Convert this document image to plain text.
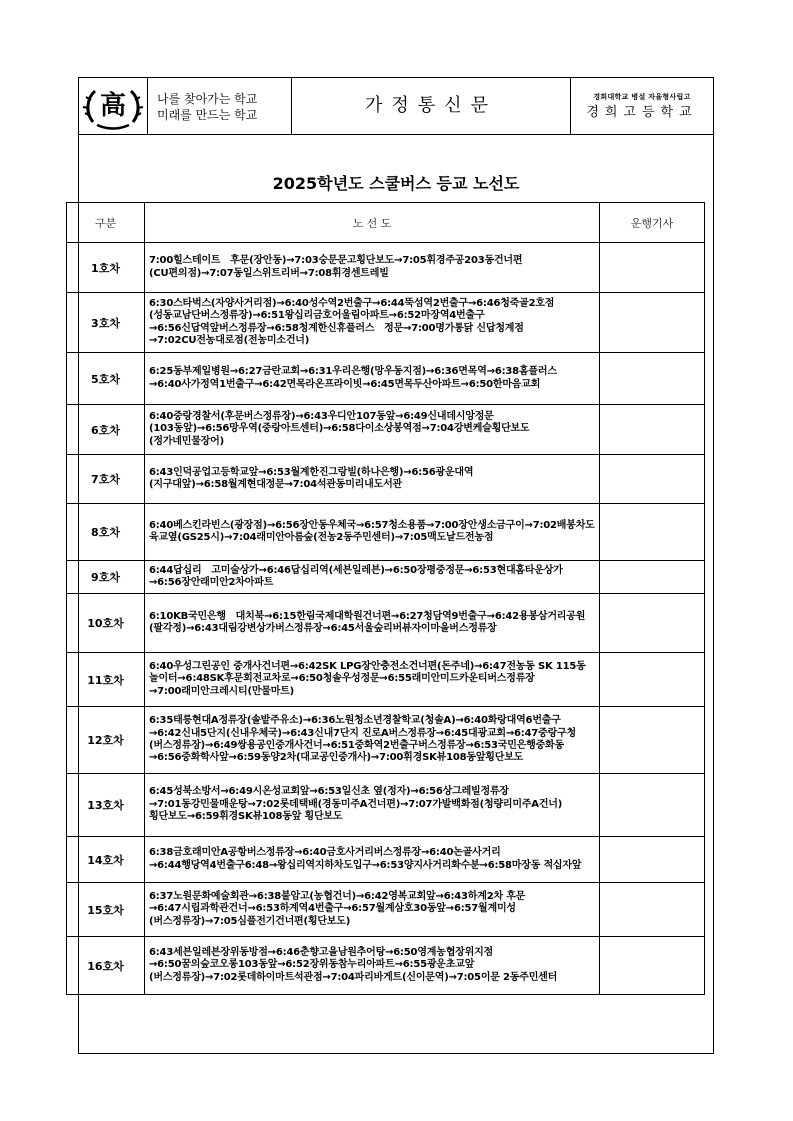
高	나를 찾아가는 학교
미래를 만드는 학교	가정통신문	경희대학교 병설 자율형사립고
경희고등학교
2025학년도 스쿨버스 등교 노선도
구분	노 선 도	운행기사
1호차	7:00힐스테이트　후문(장안동)→7:03숭문문고횡단보도→7:05휘경주공203동건너편(CU편의점)→7:07동일스위트리버→7:08휘경센트레빌	
3호차	6:30스타벅스(자양사거리점)→6:40성수역2번출구→6:44뚝섬역2번출구→6:46청죽골2호점(성동교남단버스정류장)→6:51왕십리금호어울림아파트→6:52마장역4번출구→6:56신답역앞버스정류장→6:58청계한신휴플러스　정문→7:00명가통닭 신답청계점→7:02CU전농대로점(전농미소건너)	
5호차	6:25동부제일병원→6:27금란교회→6:31우리은행(망우동지점)→6:36면목역→6:38홈플러스→6:40사가정역1번출구→6:42면목라온프라이빗→6:45면목두산아파트→6:50한마음교회	
6호차	6:40중랑경찰서(후문버스정류장)→6:43우디안107동앞→6:49신내데시앙정문(103동앞)→6:56망우역(중랑아트센터)→6:58다이소상봉역점→7:04강변케슬횡단보도(정가네민물장어)	
7호차	6:43인덕공업고등학교앞→6:53월계한진그랑빌(하나은행)→6:56광운대역(지구대앞)→6:58월계현대정문→7:04석관동미리내도서관	
8호차	6:40베스킨라빈스(광장점)→6:56장안동우체국→6:57청소용품→7:00장안생소금구이→7:02배봉차도 육교옆(GS25시)→7:04래미안아름숲(전농2동주민센터)→7:05맥도날드전농점	
9호차	6:44답십리　고미술상가→6:46답십리역(세븐일레븐)→6:50장평중정문→6:53현대홈타운상가→6:56장안래미안2차아파트	
10호차	6:10KB국민은행　대치북→6:15한림국제대학원건너편→6:27청담역9번출구→6:42용봉삼거리공원(팔각정)→6:43대림강변상가버스정류장→6:45서울숲리버뷰자이마을버스정류장	
11호차	6:40우성그린공인 중개사건너편→6:42SK LPG장안충전소건너편(돈주네)→6:47전농동 SK 115동 놀이터→6:48SK후문회전교차로→6:50청솔우성정문→6:55래미안미드카운티버스정류장→7:00래미안크레시티(만물마트)	
12호차	6:35태릉현대A정류장(솔밭주유소)→6:36노원청소년경찰학교(청솔A)→6:40화랑대역6번출구→6:42신내5단지(신내우체국)→6:43신내7단지 진로A버스정류장→6:45대광교회→6:47중랑구청(버스정류장)→6:49쌍용공인중개사건너→6:51중화역2번출구버스정류장→6:53국민은행중화동→6:56중화학사앞→6:59동양2차(대교공인중개사)→7:00휘경SK뷰108동앞횡단보도	
13호차	6:45성북소방서→6:49시온성교회앞→6:53일신초 옆(정자)→6:56상그레빌정류장→7:01동강민물매운탕→7:02롯데택배(경동미주A건너편)→7:07가발백화점(청량리미주A건너)횡단보도→6:59휘경SK뷰108동앞 횡단보도	
14호차	6:38금호래미안A공항버스정류장→6:40금호사거리버스정류장→6:40논골사거리→6:44행당역4번출구6:48→왕십리역지하차도입구→6:53양지사거리화수분→6:58마장동 적십자앞	
15호차	6:37노원문화예술회관→6:38불암고(농협건너)→6:42영복교회앞→6:43하계2차 후문→6:47시립과학관건너→6:53하계역4번출구→6:57월계삼호30동앞→6:57월계미성(버스정류장)→7:05심플전기건너편(횡단보도)	
16호차	6:43세븐일레븐장위동방점→6:46춘향고을남원추어탕→6:50영계농협장위지점→6:50꿈의숲코오롱103동앞→6:52장위동참누리아파트→6:55광운초교앞(버스정류장)→7:02롯데하이마트석관점→7:04파리바게트(신이문역)→7:05이문 2동주민센터	
